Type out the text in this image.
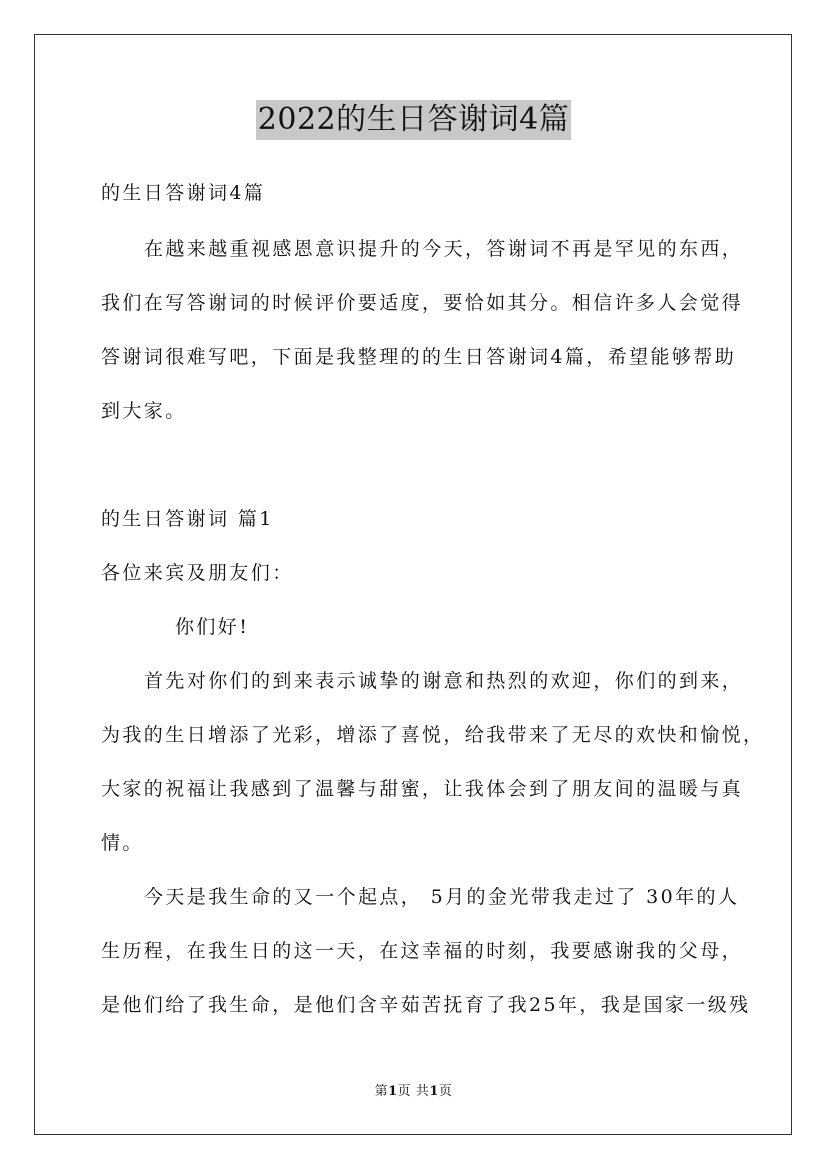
2022的生日答谢词4篇
的生日答谢词4篇
在越来越重视感恩意识提升的今天，答谢词不再是罕见的东西，
我们在写答谢词的时候评价要适度，要恰如其分。相信许多人会觉得
答谢词很难写吧，下面是我整理的的生日答谢词4篇，希望能够帮助
到大家。
的生日答谢词 篇1
各位来宾及朋友们：
你们好!
首先对你们的到来表示诚挚的谢意和热烈的欢迎，你们的到来，
为我的生日增添了光彩，增添了喜悦，给我带来了无尽的欢快和愉悦，
大家的祝福让我感到了温馨与甜蜜，让我体会到了朋友间的温暖与真
情。
今天是我生命的又一个起点， 5月的金光带我走过了 30年的人
生历程，在我生日的这一天，在这幸福的时刻，我要感谢我的父母，
是他们给了我生命，是他们含辛茹苦抚育了我25年，我是国家一级残
第1页 共1页
